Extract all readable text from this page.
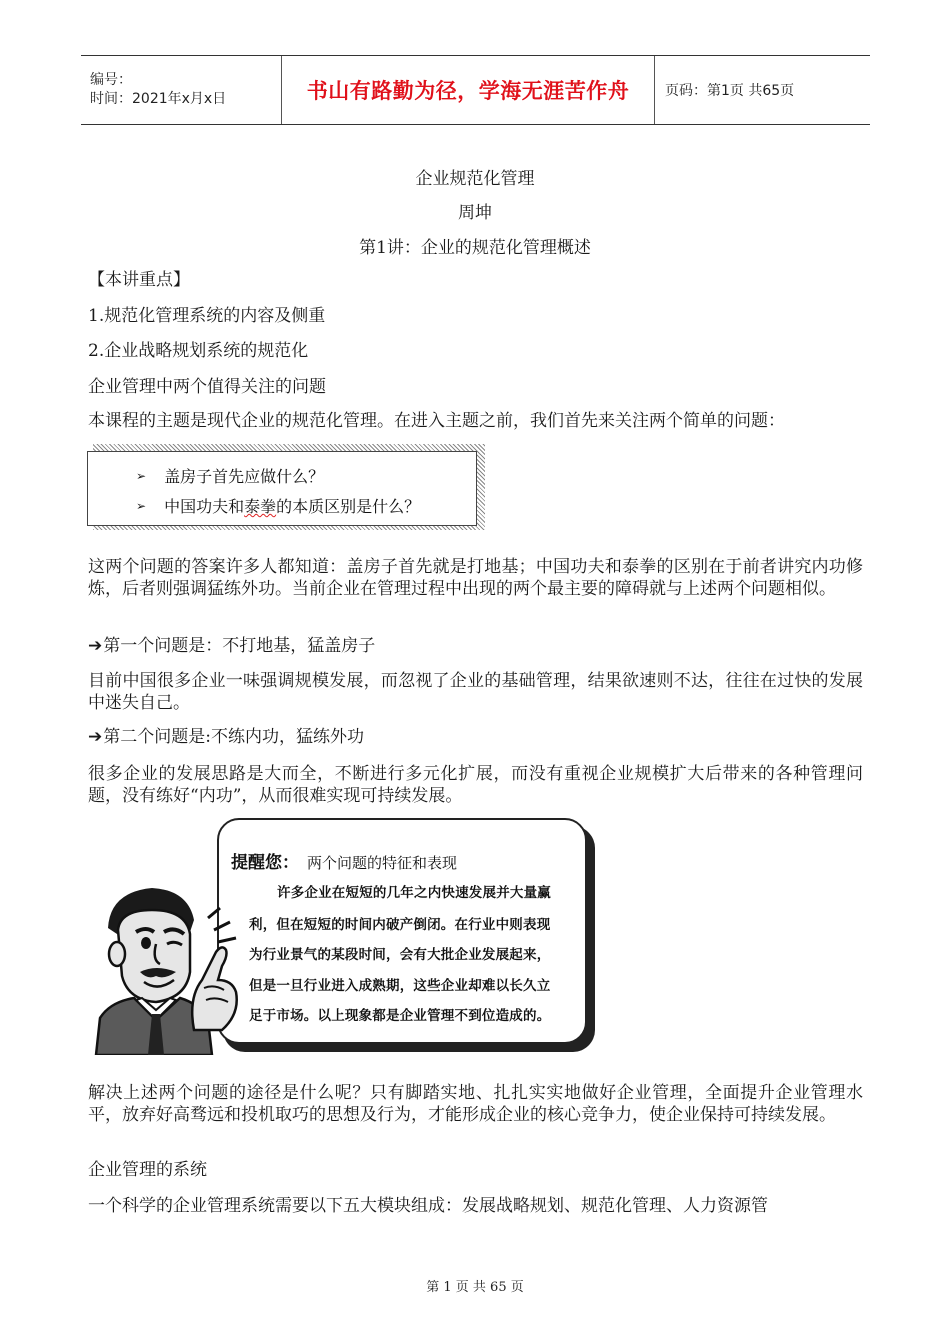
编号：
时间：2021年x月x日	书山有路勤为径，学海无涯苦作舟	页码：第1页 共65页
企业规范化管理
周坤
第1讲：企业的规范化管理概述

【本讲重点】

1.规范化管理系统的内容及侧重

2.企业战略规划系统的规范化

企业管理中两个值得关注的问题

本课程的主题是现代企业的规范化管理。在进入主题之前，我们首先来关注两个简单的问题：

➢ 盖房子首先应做什么？
➢ 中国功夫和泰拳的本质区别是什么？

这两个问题的答案许多人都知道：盖房子首先就是打地基；中国功夫和泰拳的区别在于前者讲究内功修炼，后者则强调猛练外功。当前企业在管理过程中出现的两个最主要的障碍就与上述两个问题相似。

➔第一个问题是：不打地基，猛盖房子

目前中国很多企业一味强调规模发展，而忽视了企业的基础管理，结果欲速则不达，往往在过快的发展中迷失自己。

➔第二个问题是:不练内功，猛练外功

很多企业的发展思路是大而全，不断进行多元化扩展，而没有重视企业规模扩大后带来的各种管理问题，没有练好“内功”，从而很难实现可持续发展。

提醒您： 两个问题的特征和表现
许多企业在短短的几年之内快速发展并大量赢
利，但在短短的时间内破产倒闭。在行业中则表现
为行业景气的某段时间，会有大批企业发展起来，
但是一旦行业进入成熟期，这些企业却难以长久立
足于市场。以上现象都是企业管理不到位造成的。

解决上述两个问题的途径是什么呢？只有脚踏实地、扎扎实实地做好企业管理，全面提升企业管理水平，放弃好高骛远和投机取巧的思想及行为，才能形成企业的核心竞争力，使企业保持可持续发展。

企业管理的系统

一个科学的企业管理系统需要以下五大模块组成：发展战略规划、规范化管理、人力资源管

第 1 页 共 65 页
